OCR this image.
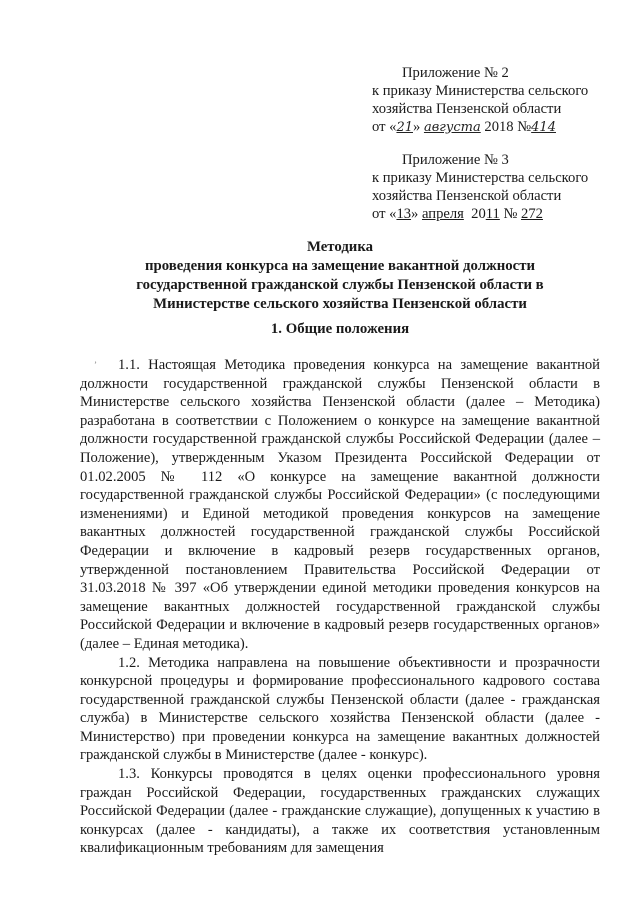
Приложение № 2
к приказу Министерства сельского
хозяйства Пензенской области
от «21» августа 2018 №414
Приложение № 3
к приказу Министерства сельского
хозяйства Пензенской области
от «13» апреля  2011 № 272
Методика
проведения конкурса на замещение вакантной должности
государственной гражданской службы Пензенской области в
Министерстве сельского хозяйства Пензенской области
1. Общие положения
ʼ	1.1. Настоящая Методика проведения конкурса на замещение вакантной должности государственной гражданской службы Пензенской области в Министерстве сельского хозяйства Пензенской области (далее – Методика) разработана в соответствии с Положением о конкурсе на замещение вакантной должности государственной гражданской службы Российской Федерации (далее – Положение), утвержденным Указом Президента Российской Федерации от 01.02.2005 № 112 «О конкурсе на замещение вакантной должности государственной гражданской службы Российской Федерации» (с последующими изменениями) и Единой методикой проведения конкурсов на замещение вакантных должностей государственной гражданской службы Российской Федерации и включение в кадровый резерв государственных органов, утвержденной постановлением Правительства Российской Федерации от 31.03.2018 № 397 «Об утверждении единой методики проведения конкурсов на замещение вакантных должностей государственной гражданской службы Российской Федерации и включение в кадровый резерв государственных органов» (далее – Единая методика).

1.2. Методика направлена на повышение объективности и прозрачности конкурсной процедуры и формирование профессионального кадрового состава государственной гражданской службы Пензенской области (далее - гражданская служба) в Министерстве сельского хозяйства Пензенской области (далее - Министерство) при проведении конкурса на замещение вакантных должностей гражданской службы в Министерстве (далее - конкурс).

1.3. Конкурсы проводятся в целях оценки профессионального уровня граждан Российской Федерации, государственных гражданских служащих Российской Федерации (далее - гражданские служащие), допущенных к участию в конкурсах (далее - кандидаты), а также их соответствия установленным квалификационным требованиям для замещения
